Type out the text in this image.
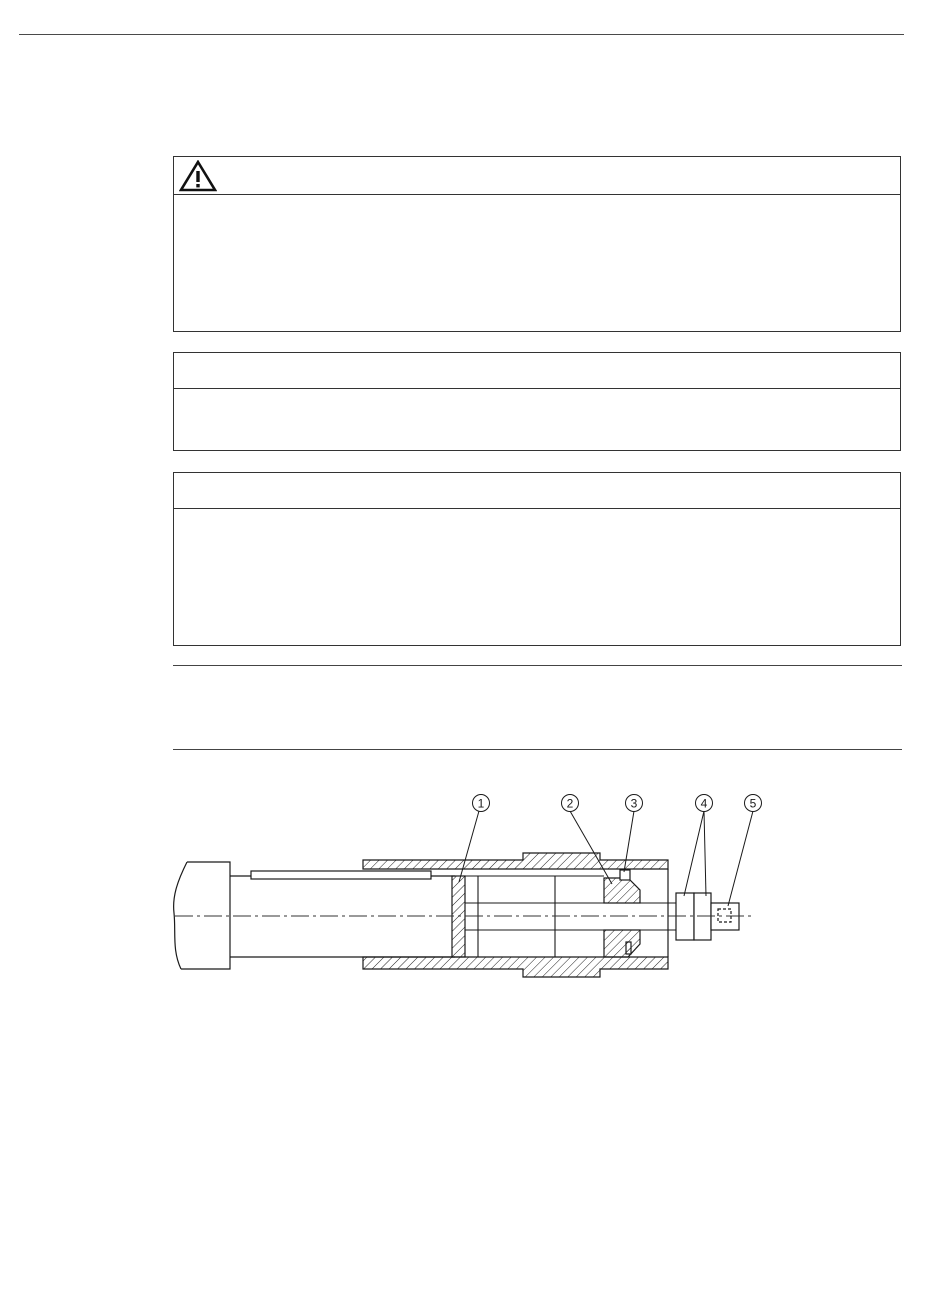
1	2	3	4	5
